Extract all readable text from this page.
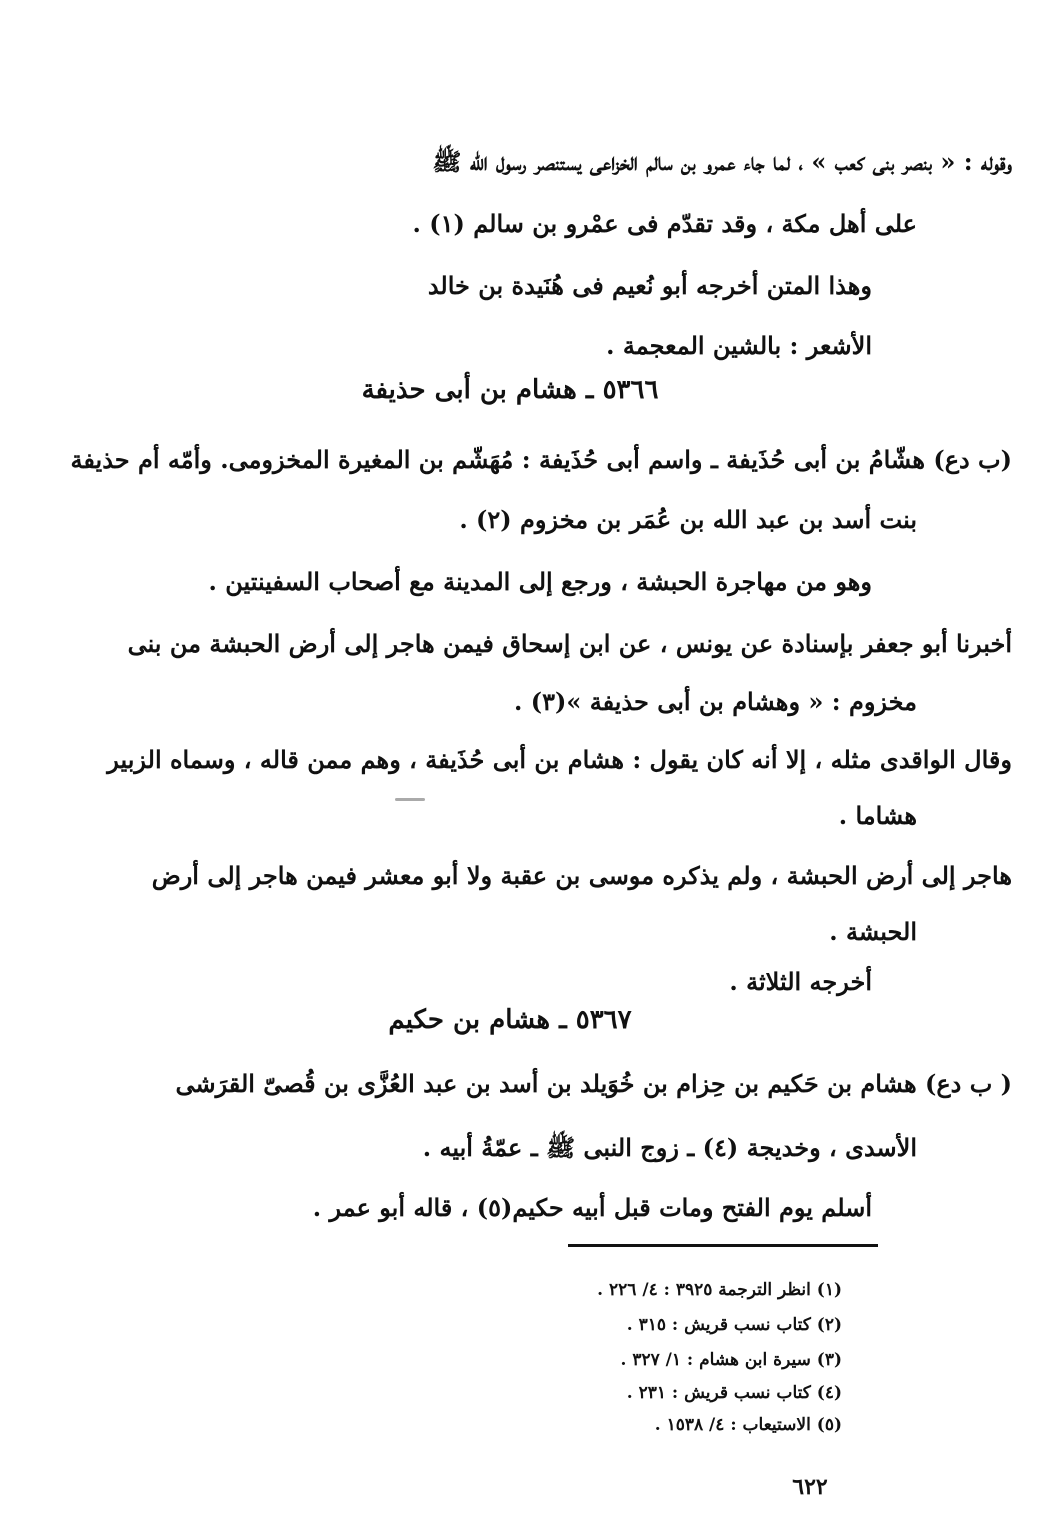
وقوله : « بنصر بنى كعب » ، لما جاء عمرو بن سالم الخزاعى يستنصر رسول الله ﷺ
على أهل مكة ، وقد تقدّم فى عمْرو بن سالم (١) .
وهذا المتن أخرجه أبو نُعيم فى هُنَيدة بن خالد
الأشعر : بالشين المعجمة .
٥٣٦٦ ـ هشام بن أبى حذيفة
(ب دع) هشّامُ بن أبى حُذَيفة ـ واسم أبى حُذَيفة : مُهَشّم بن المغيرة المخزومى. وأمّه أم حذيفة
بنت أسد بن عبد الله بن عُمَر بن مخزوم (٢) .
وهو من مهاجرة الحبشة ، ورجع إلى المدينة مع أصحاب السفينتين .
أخبرنا أبو جعفر بإسنادة عن يونس ، عن ابن إسحاق فيمن هاجر إلى أرض الحبشة من بنى
مخزوم : « وهشام بن أبى حذيفة »(٣) .
وقال الواقدى مثله ، إلا أنه كان يقول : هشام بن أبى حُذَيفة ، وهم ممن قاله ، وسماه الزبير
هشاما .
هاجر إلى أرض الحبشة ، ولم يذكره موسى بن عقبة ولا أبو معشر فيمن هاجر إلى أرض
الحبشة .
أخرجه الثلاثة .
٥٣٦٧ ـ هشام بن حكيم
( ب دع) هشام بن حَكيم بن حِزام بن خُوَيلد بن أسد بن عبد العُزَّى بن قُصىّ القرَشى
الأسدى ، وخديجة (٤) ـ زوج النبى ﷺ ـ عمّةُ أبيه .
أسلم يوم الفتح ومات قبل أبيه حكيم(٥) ، قاله أبو عمر .
(١) انظر الترجمة ٣٩٢٥ : ٤/ ٢٢٦ .
(٢) كتاب نسب قريش : ٣١٥ .
(٣) سيرة ابن هشام : ١/ ٣٢٧ .
(٤) كتاب نسب قريش : ٢٣١ .
(٥) الاستيعاب : ٤/ ١٥٣٨ .
٦٢٢
